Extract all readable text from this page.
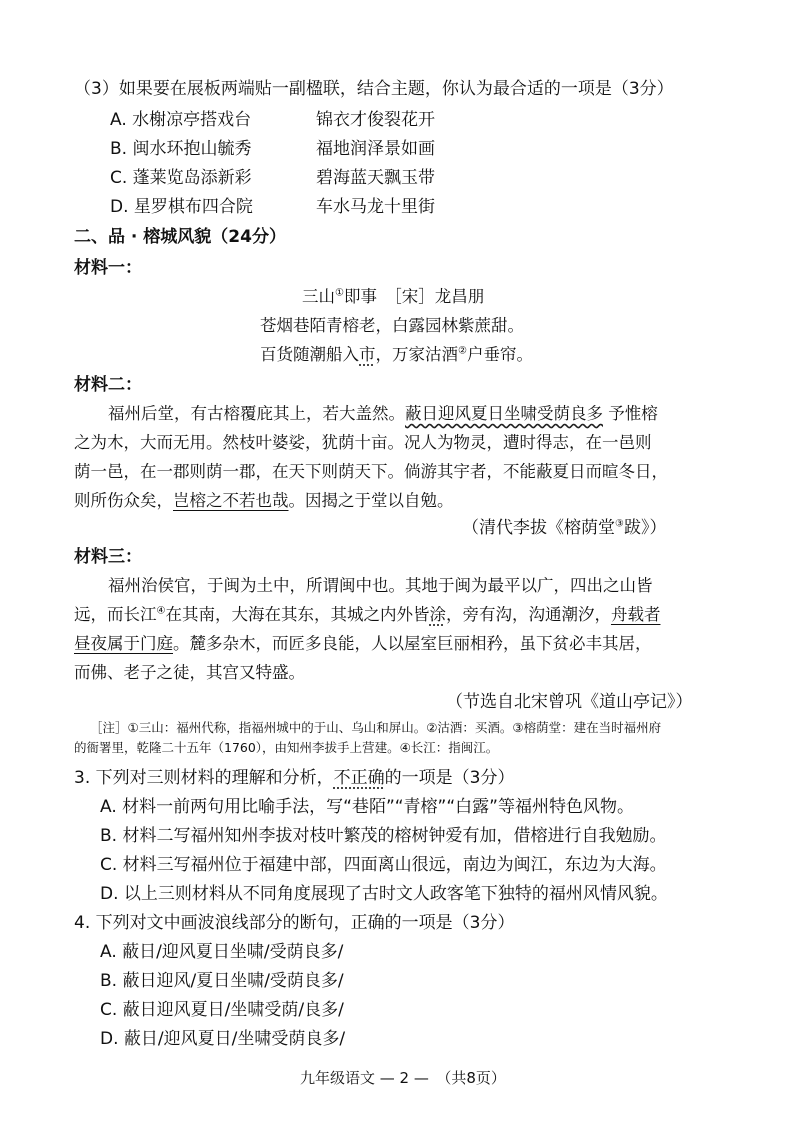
（3）如果要在展板两端贴一副楹联，结合主题，你认为最合适的一项是（3分）
A. 水榭凉亭搭戏台	锦衣才俊裂花开
B. 闽水环抱山毓秀	福地润泽景如画
C. 蓬莱览岛添新彩	碧海蓝天飘玉带
D. 星罗棋布四合院	车水马龙十里街
二、品 · 榕城风貌（24分）
材料一：
三山①即事　［宋］龙昌朋
苍烟巷陌青榕老，白露园林紫蔗甜。
百货随潮船入市，万家沽酒②户垂帘。
材料二：
福州后堂，有古榕覆庇其上，若大盖然。蔽日迎风夏日坐啸受荫良多 予惟榕
之为木，大而无用。然枝叶婆娑，犹荫十亩。况人为物灵，遭时得志，在一邑则
荫一邑，在一郡则荫一郡，在天下则荫天下。倘游其宇者，不能蔽夏日而暄冬日，
则所伤众矣，岂榕之不若也哉。因揭之于堂以自勉。
（清代李拔《榕荫堂③跋》）
材料三：
福州治侯官，于闽为土中，所谓闽中也。其地于闽为最平以广，四出之山皆
远，而长江④在其南，大海在其东，其城之内外皆涂，旁有沟，沟通潮汐，舟载者
昼夜属于门庭。麓多杂木，而匠多良能，人以屋室巨丽相矜，虽下贫必丰其居，
而佛、老子之徒，其宫又特盛。
（节选自北宋曾巩《道山亭记》）
［注］①三山：福州代称，指福州城中的于山、乌山和屏山。②沽酒：买酒。③榕荫堂：建在当时福州府
的衙署里，乾隆二十五年（1760），由知州李拔手上营建。④长江：指闽江。
3. 下列对三则材料的理解和分析，不正确的一项是（3分）
A. 材料一前两句用比喻手法，写“巷陌”“青榕”“白露”等福州特色风物。
B. 材料二写福州知州李拔对枝叶繁茂的榕树钟爱有加，借榕进行自我勉励。
C. 材料三写福州位于福建中部，四面离山很远，南边为闽江，东边为大海。
D. 以上三则材料从不同角度展现了古时文人政客笔下独特的福州风情风貌。
4. 下列对文中画波浪线部分的断句，正确的一项是（3分）
A. 蔽日/迎风夏日坐啸/受荫良多/
B. 蔽日迎风/夏日坐啸/受荫良多/
C. 蔽日迎风夏日/坐啸受荫/良多/
D. 蔽日/迎风夏日/坐啸受荫良多/
九年级语文 — 2 —　（共8页）
